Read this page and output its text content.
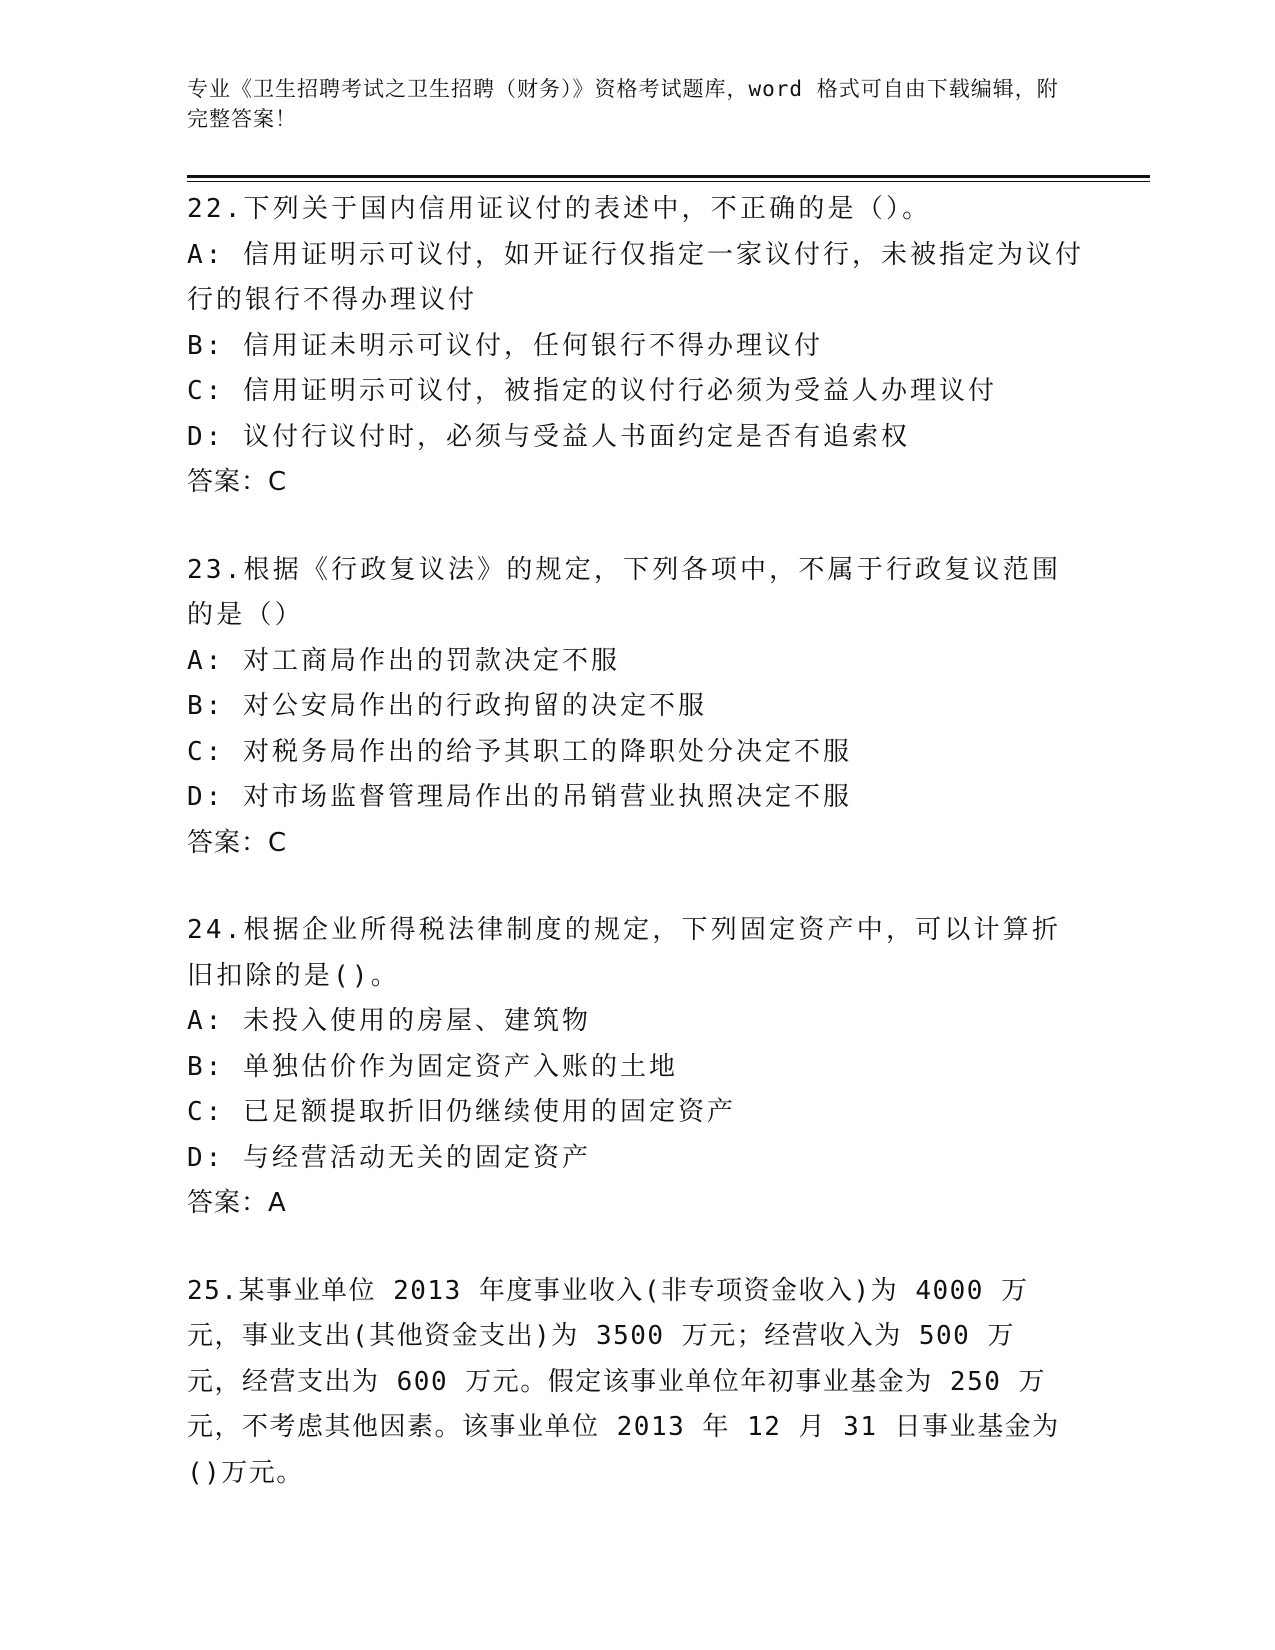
专业《卫生招聘考试之卫生招聘（财务）》资格考试题库，word 格式可自由下载编辑，附完整答案！
22.下列关于国内信用证议付的表述中，不正确的是（）。
A: 信用证明示可议付，如开证行仅指定一家议付行，未被指定为议付行的银行不得办理议付
B: 信用证未明示可议付，任何银行不得办理议付
C: 信用证明示可议付，被指定的议付行必须为受益人办理议付
D: 议付行议付时，必须与受益人书面约定是否有追索权
答案：C
23.根据《行政复议法》的规定，下列各项中，不属于行政复议范围的是（）
A: 对工商局作出的罚款决定不服
B: 对公安局作出的行政拘留的决定不服
C: 对税务局作出的给予其职工的降职处分决定不服
D: 对市场监督管理局作出的吊销营业执照决定不服
答案：C
24.根据企业所得税法律制度的规定，下列固定资产中，可以计算折旧扣除的是()。
A: 未投入使用的房屋、建筑物
B: 单独估价作为固定资产入账的土地
C: 已足额提取折旧仍继续使用的固定资产
D: 与经营活动无关的固定资产
答案：A
25.某事业单位 2013 年度事业收入(非专项资金收入)为 4000 万元，事业支出(其他资金支出)为 3500 万元；经营收入为 500 万元，经营支出为 600 万元。假定该事业单位年初事业基金为 250 万元，不考虑其他因素。该事业单位 2013 年 12 月 31 日事业基金为()万元。
